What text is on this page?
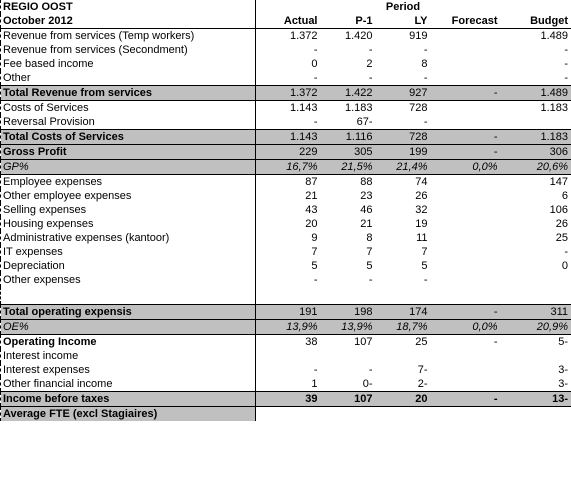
REGIO OOST			Period		
October 2012	Actual	P-1	LY	Forecast	Budget
Revenue from services (Temp workers)	1.372	1.420	919		1.489
Revenue from services (Secondment)	-	-	-		-
Fee based income	0	2	8		-
Other	-	-	-		-
Total Revenue from services	1.372	1.422	927	-	1.489
Costs of Services	1.143	1.183	728		1.183
Reversal Provision	-	67-	-		
Total Costs of Services	1.143	1.116	728	-	1.183
Gross Profit	229	305	199	-	306
GP%	16,7%	21,5%	21,4%	0,0%	20,6%
Employee expenses	87	88	74		147
Other employee expenses	21	23	26		6
Selling expenses	43	46	32		106
Housing expenses	20	21	19		26
Administrative expenses (kantoor)	9	8	11		25
IT expenses	7	7	7		-
Depreciation	5	5	5		0
Other expenses	-	-	-		

Total operating expensis	191	198	174	-	311
OE%	13,9%	13,9%	18,7%	0,0%	20,9%
Operating Income	38	107	25	-	5-
Interest income					
Interest expenses	-	-	7-		3-
Other financial income	1	0-	2-		3-
Income before taxes	39	107	20	-	13-
Average FTE (excl Stagiaires)					
